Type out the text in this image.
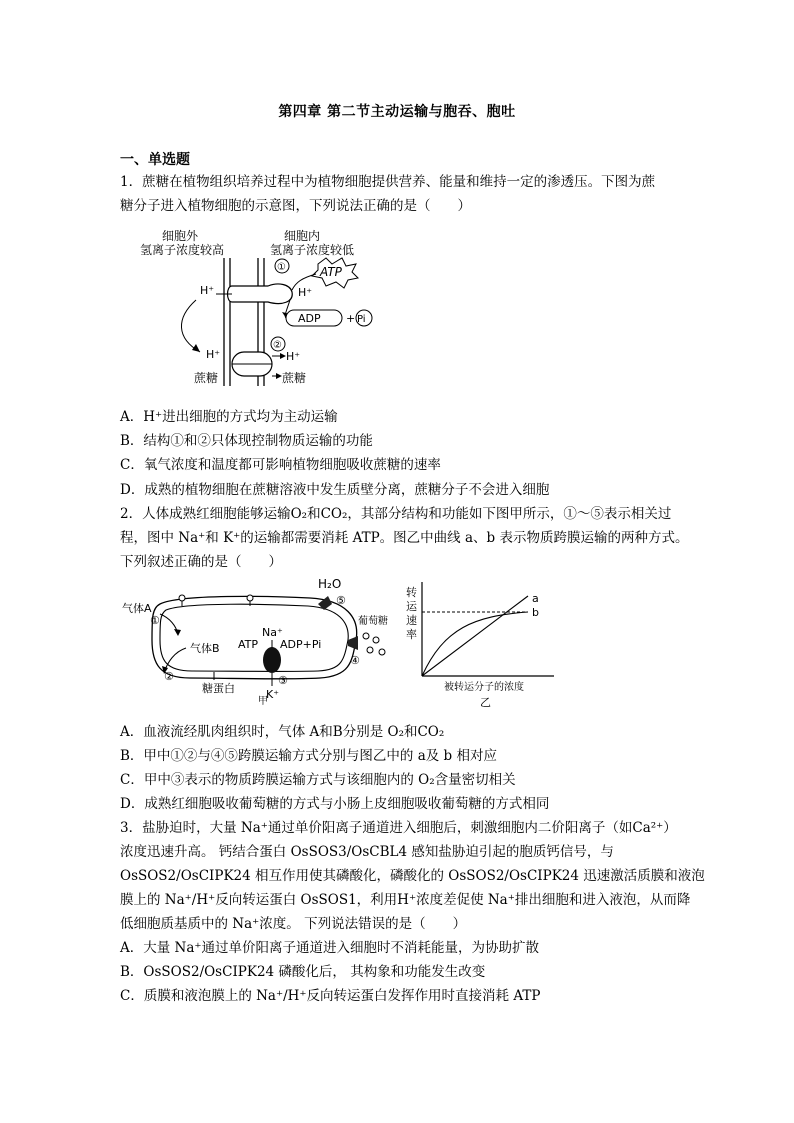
第四章 第二节主动运输与胞吞、胞吐
一、单选题
1．蔗糖在植物组织培养过程中为植物细胞提供营养、能量和维持一定的渗透压。下图为蔗
糖分子进入植物细胞的示意图，下列说法正确的是（　　）
细胞外
氢离子浓度较高
细胞内
氢离子浓度较低
①	ATP
H⁺	H⁺
ADP + Pi
②
H⁺	H⁺
蔗糖	蔗糖
A．H⁺进出细胞的方式均为主动运输
B．结构①和②只体现控制物质运输的功能
C．氧气浓度和温度都可影响植物细胞吸收蔗糖的速率
D．成熟的植物细胞在蔗糖溶液中发生质壁分离，蔗糖分子不会进入细胞
2．人体成熟红细胞能够运输O₂和CO₂，其部分结构和功能如下图甲所示，①～⑤表示相关过
程，图中 Na⁺和 K⁺的运输都需要消耗 ATP。图乙中曲线 a、b 表示物质跨膜运输的两种方式。
下列叙述正确的是（　　）
气体A
①
气体B
②
糖蛋白
H₂O
⑤
葡萄糖
④
Na⁺
ATP ADP+Pi
③
K⁺
甲
转
运
速
率
a
b
被转运分子的浓度
乙
A．血液流经肌肉组织时，气体 A和B分别是 O₂和CO₂
B．甲中①②与④⑤跨膜运输方式分别与图乙中的 a及 b 相对应
C．甲中③表示的物质跨膜运输方式与该细胞内的 O₂含量密切相关
D．成熟红细胞吸收葡萄糖的方式与小肠上皮细胞吸收葡萄糖的方式相同
3．盐胁迫时，大量 Na⁺通过单价阳离子通道进入细胞后，刺激细胞内二价阳离子（如Ca²⁺）
浓度迅速升高。 钙结合蛋白 OsSOS3/OsCBL4 感知盐胁迫引起的胞质钙信号，与
OsSOS2/OsCIPK24 相互作用使其磷酸化，磷酸化的 OsSOS2/OsCIPK24 迅速激活质膜和液泡
膜上的 Na⁺/H⁺反向转运蛋白 OsSOS1，利用H⁺浓度差促使 Na⁺排出细胞和进入液泡，从而降
低细胞质基质中的 Na⁺浓度。 下列说法错误的是（　　）
A．大量 Na⁺通过单价阳离子通道进入细胞时不消耗能量，为协助扩散
B．OsSOS2/OsCIPK24 磷酸化后， 其构象和功能发生改变
C．质膜和液泡膜上的 Na⁺/H⁺反向转运蛋白发挥作用时直接消耗 ATP
